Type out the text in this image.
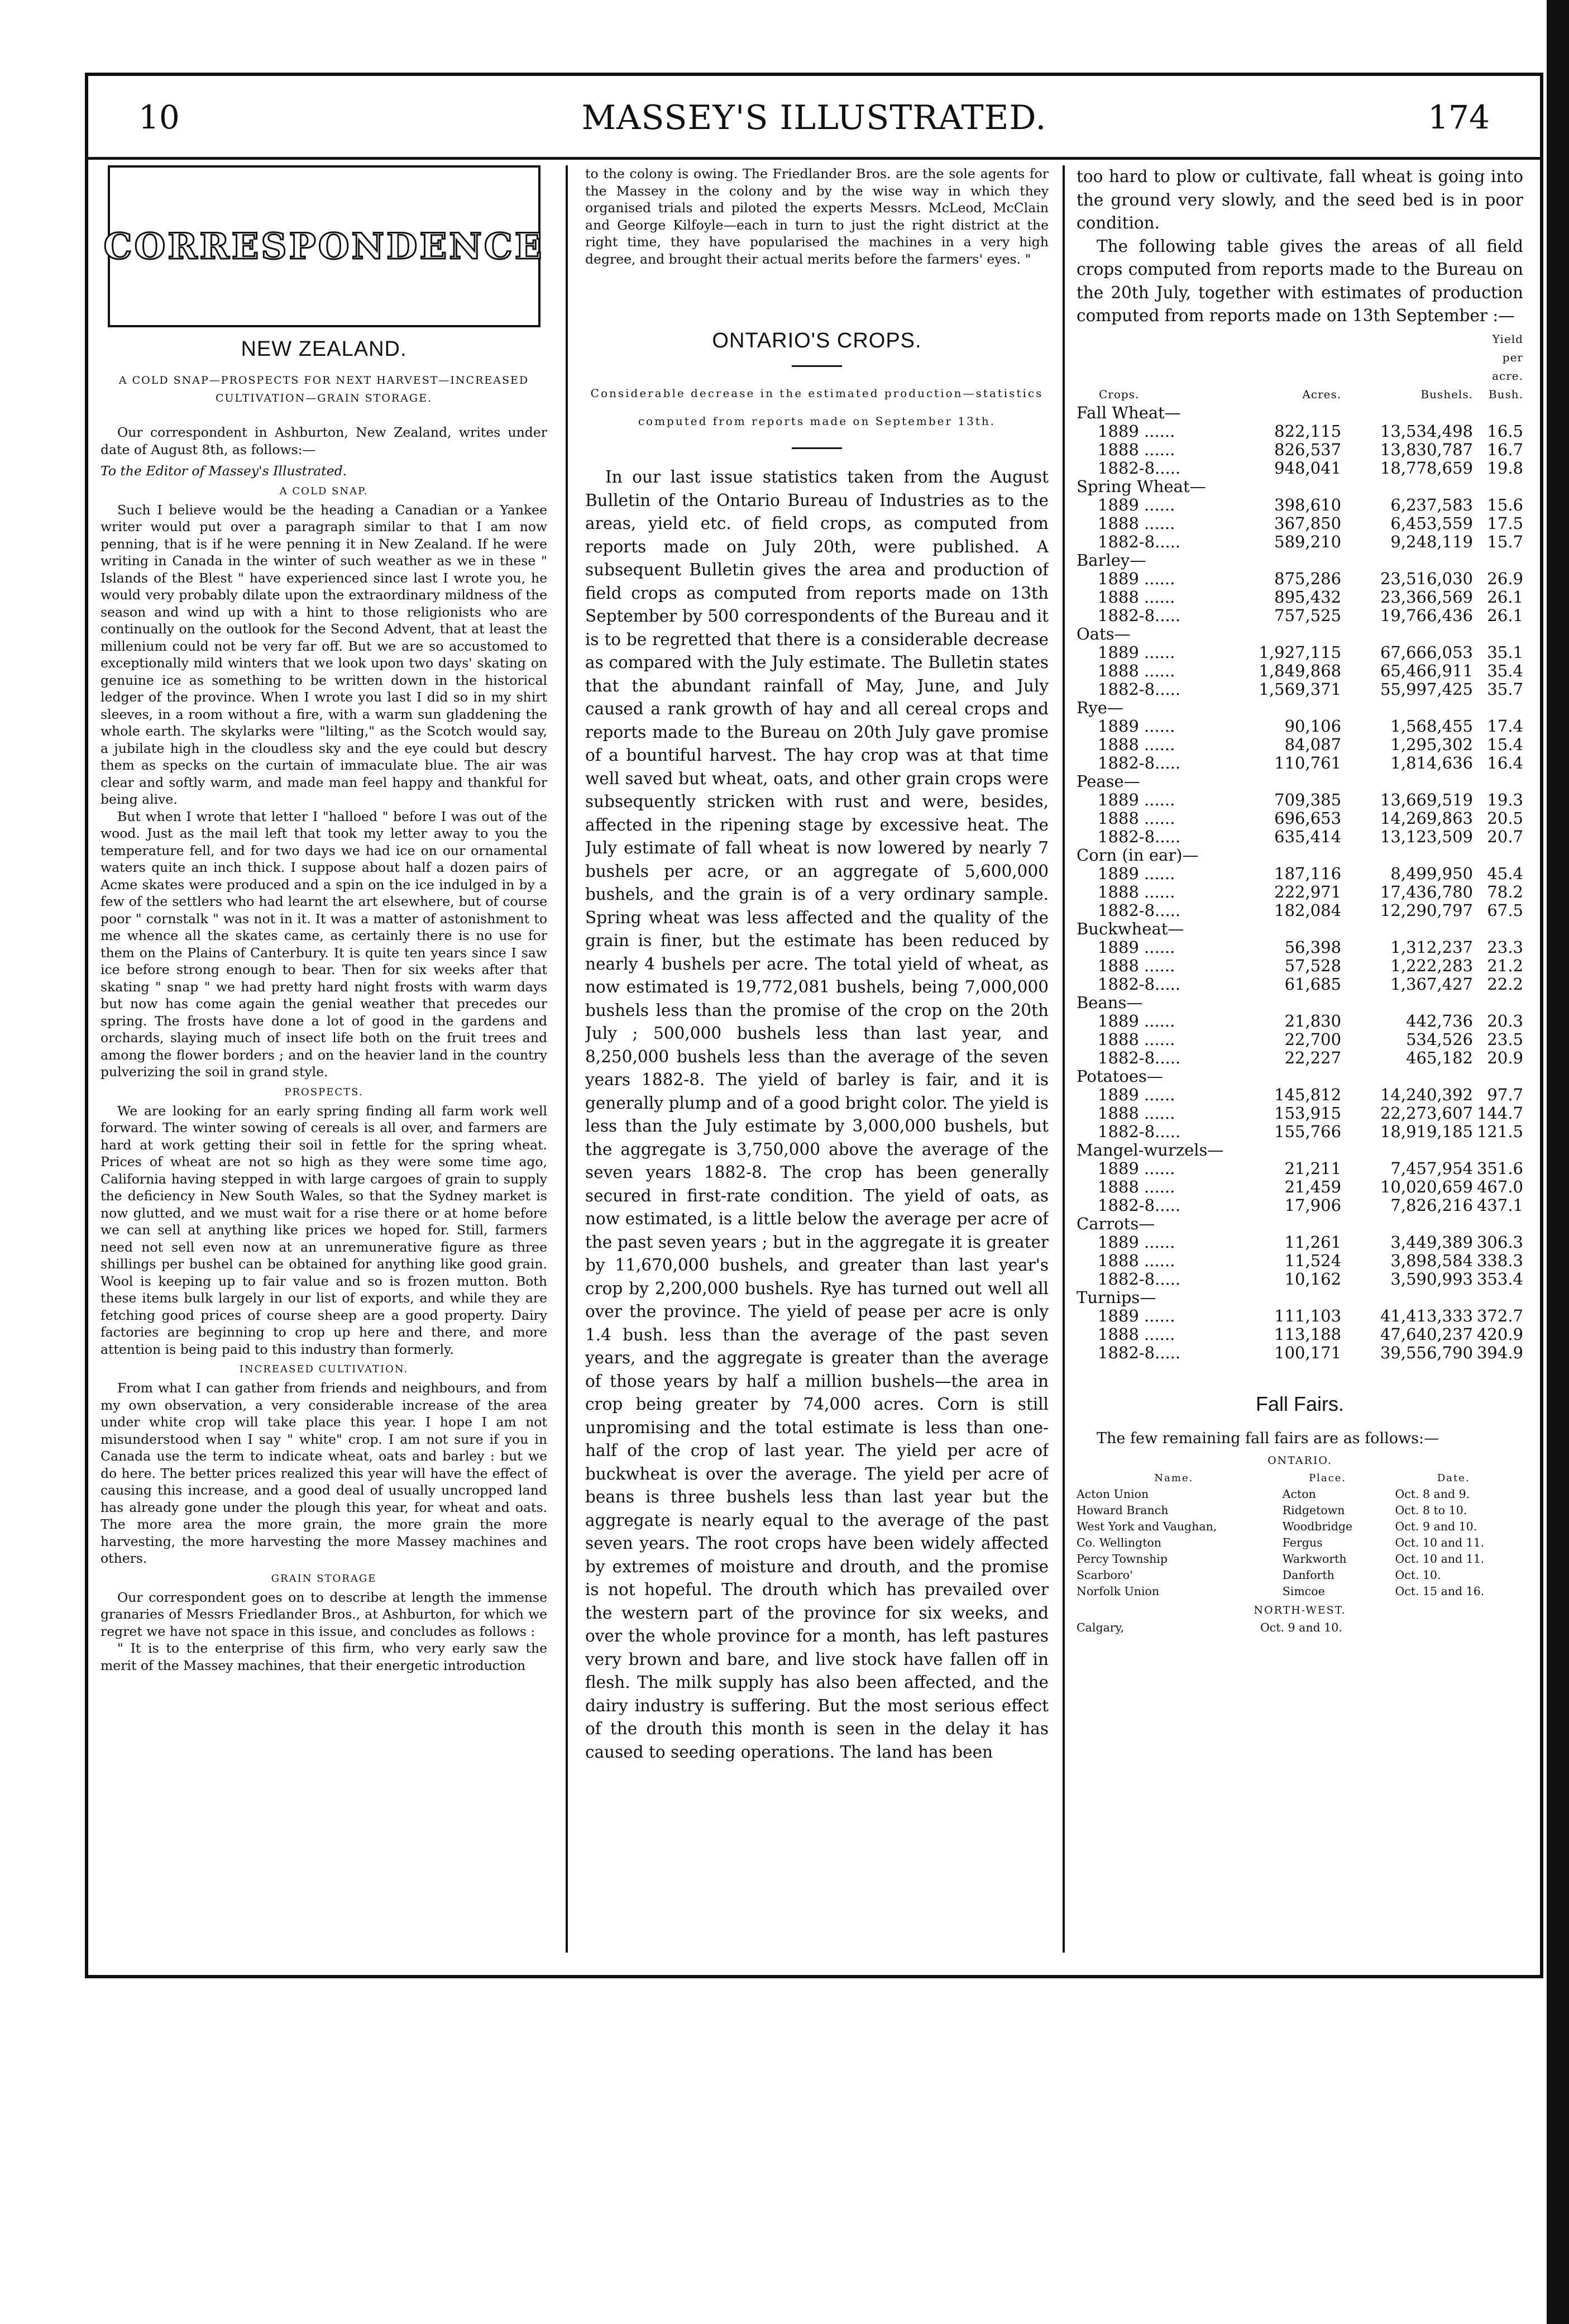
10	MASSEY'S ILLUSTRATED.	174
CORRESPONDENCE
NEW ZEALAND.
A COLD SNAP—PROSPECTS FOR NEXT HARVEST—INCREASED CULTIVATION—GRAIN STORAGE.

Our correspondent in Ashburton, New Zealand, writes under date of August 8th, as follows:—

To the Editor of Massey's Illustrated.

A COLD SNAP.

Such I believe would be the heading a Canadian or a Yankee writer would put over a paragraph similar to that I am now penning, that is if he were penning it in New Zealand. If he were writing in Canada in the winter of such weather as we in these " Islands of the Blest " have experienced since last I wrote you, he would very probably dilate upon the extraordinary mildness of the season and wind up with a hint to those religionists who are continually on the outlook for the Second Advent, that at least the millenium could not be very far off. But we are so accustomed to exceptionally mild winters that we look upon two days' skating on genuine ice as something to be written down in the historical ledger of the province. When I wrote you last I did so in my shirt sleeves, in a room without a fire, with a warm sun gladdening the whole earth. The skylarks were "lilting," as the Scotch would say, a jubilate high in the cloudless sky and the eye could but descry them as specks on the curtain of immaculate blue. The air was clear and softly warm, and made man feel happy and thankful for being alive.

But when I wrote that letter I "halloed " before I was out of the wood. Just as the mail left that took my letter away to you the temperature fell, and for two days we had ice on our ornamental waters quite an inch thick. I suppose about half a dozen pairs of Acme skates were produced and a spin on the ice indulged in by a few of the settlers who had learnt the art elsewhere, but of course poor " cornstalk " was not in it. It was a matter of astonishment to me whence all the skates came, as certainly there is no use for them on the Plains of Canterbury. It is quite ten years since I saw ice before strong enough to bear. Then for six weeks after that skating " snap " we had pretty hard night frosts with warm days but now has come again the genial weather that precedes our spring. The frosts have done a lot of good in the gardens and orchards, slaying much of insect life both on the fruit trees and among the flower borders ; and on the heavier land in the country pulverizing the soil in grand style.

PROSPECTS.

We are looking for an early spring finding all farm work well forward. The winter sowing of cereals is all over, and farmers are hard at work getting their soil in fettle for the spring wheat. Prices of wheat are not so high as they were some time ago, California having stepped in with large cargoes of grain to supply the deficiency in New South Wales, so that the Sydney market is now glutted, and we must wait for a rise there or at home before we can sell at anything like prices we hoped for. Still, farmers need not sell even now at an unremunerative figure as three shillings per bushel can be obtained for anything like good grain. Wool is keeping up to fair value and so is frozen mutton. Both these items bulk largely in our list of exports, and while they are fetching good prices of course sheep are a good property. Dairy factories are beginning to crop up here and there, and more attention is being paid to this industry than formerly.

INCREASED CULTIVATION.

From what I can gather from friends and neighbours, and from my own observation, a very considerable increase of the area under white crop will take place this year. I hope I am not misunderstood when I say " white" crop. I am not sure if you in Canada use the term to indicate wheat, oats and barley : but we do here. The better prices realized this year will have the effect of causing this increase, and a good deal of usually uncropped land has already gone under the plough this year, for wheat and oats. The more area the more grain, the more grain the more harvesting, the more harvesting the more Massey machines and others.

GRAIN STORAGE

Our correspondent goes on to describe at length the immense granaries of Messrs Friedlander Bros., at Ashburton, for which we regret we have not space in this issue, and concludes as follows :

" It is to the enterprise of this firm, who very early saw the merit of the Massey machines, that their energetic introduction

to the colony is owing. The Friedlander Bros. are the sole agents for the Massey in the colony and by the wise way in which they organised trials and piloted the experts Messrs. McLeod, McClain and George Kilfoyle—each in turn to just the right district at the right time, they have popularised the machines in a very high degree, and brought their actual merits before the farmers' eyes. "

ONTARIO'S CROPS.
Considerable decrease in the estimated production—statistics computed from reports made on September 13th.

In our last issue statistics taken from the August Bulletin of the Ontario Bureau of Industries as to the areas, yield etc. of field crops, as computed from reports made on July 20th, were published. A subsequent Bulletin gives the area and production of field crops as computed from reports made on 13th September by 500 correspondents of the Bureau and it is to be regretted that there is a considerable decrease as compared with the July estimate. The Bulletin states that the abundant rainfall of May, June, and July caused a rank growth of hay and all cereal crops and reports made to the Bureau on 20th July gave promise of a bountiful harvest. The hay crop was at that time well saved but wheat, oats, and other grain crops were subsequently stricken with rust and were, besides, affected in the ripening stage by excessive heat. The July estimate of fall wheat is now lowered by nearly 7 bushels per acre, or an aggregate of 5,600,000 bushels, and the grain is of a very ordinary sample. Spring wheat was less affected and the quality of the grain is finer, but the estimate has been reduced by nearly 4 bushels per acre. The total yield of wheat, as now estimated is 19,772,081 bushels, being 7,000,000 bushels less than the promise of the crop on the 20th July ; 500,000 bushels less than last year, and 8,250,000 bushels less than the average of the seven years 1882-8. The yield of barley is fair, and it is generally plump and of a good bright color. The yield is less than the July estimate by 3,000,000 bushels, but the aggregate is 3,750,000 above the average of the seven years 1882-8. The crop has been generally secured in first-rate condition. The yield of oats, as now estimated, is a little below the average per acre of the past seven years ; but in the aggregate it is greater by 11,670,000 bushels, and greater than last year's crop by 2,200,000 bushels. Rye has turned out well all over the province. The yield of pease per acre is only 1.4 bush. less than the average of the past seven years, and the aggregate is greater than the average of those years by half a million bushels—the area in crop being greater by 74,000 acres. Corn is still unpromising and the total estimate is less than one-half of the crop of last year. The yield per acre of buckwheat is over the average. The yield per acre of beans is three bushels less than last year but the aggregate is nearly equal to the average of the past seven years. The root crops have been widely affected by extremes of moisture and drouth, and the promise is not hopeful. The drouth which has prevailed over the western part of the province for six weeks, and over the whole province for a month, has left pastures very brown and bare, and live stock have fallen off in flesh. The milk supply has also been affected, and the dairy industry is suffering. But the most serious effect of the drouth this month is seen in the delay it has caused to seeding operations. The land has been

too hard to plow or cultivate, fall wheat is going into the ground very slowly, and the seed bed is in poor condition.

The following table gives the areas of all field crops computed from reports made to the Bureau on the 20th July, together with estimates of production computed from reports made on 13th September :—

Crops.	Acres.	Bushels.	Yield per acre. Bush.
Fall Wheat—			
1889 ......	822,115	13,534,498	16.5
1888 ......	826,537	13,830,787	16.7
1882-8.....	948,041	18,778,659	19.8
Spring Wheat—			
1889 ......	398,610	6,237,583	15.6
1888 ......	367,850	6,453,559	17.5
1882-8.....	589,210	9,248,119	15.7
Barley—			
1889 ......	875,286	23,516,030	26.9
1888 ......	895,432	23,366,569	26.1
1882-8.....	757,525	19,766,436	26.1
Oats—			
1889 ......	1,927,115	67,666,053	35.1
1888 ......	1,849,868	65,466,911	35.4
1882-8.....	1,569,371	55,997,425	35.7
Rye—			
1889 ......	90,106	1,568,455	17.4
1888 ......	84,087	1,295,302	15.4
1882-8.....	110,761	1,814,636	16.4
Pease—			
1889 ......	709,385	13,669,519	19.3
1888 ......	696,653	14,269,863	20.5
1882-8.....	635,414	13,123,509	20.7
Corn (in ear)—			
1889 ......	187,116	8,499,950	45.4
1888 ......	222,971	17,436,780	78.2
1882-8.....	182,084	12,290,797	67.5
Buckwheat—			
1889 ......	56,398	1,312,237	23.3
1888 ......	57,528	1,222,283	21.2
1882-8.....	61,685	1,367,427	22.2
Beans—			
1889 ......	21,830	442,736	20.3
1888 ......	22,700	534,526	23.5
1882-8.....	22,227	465,182	20.9
Potatoes—			
1889 ......	145,812	14,240,392	97.7
1888 ......	153,915	22,273,607	144.7
1882-8.....	155,766	18,919,185	121.5
Mangel-wurzels—			
1889 ......	21,211	7,457,954	351.6
1888 ......	21,459	10,020,659	467.0
1882-8.....	17,906	7,826,216	437.1
Carrots—			
1889 ......	11,261	3,449,389	306.3
1888 ......	11,524	3,898,584	338.3
1882-8.....	10,162	3,590,993	353.4
Turnips—			
1889 ......	111,103	41,413,333	372.7
1888 ......	113,188	47,640,237	420.9
1882-8.....	100,171	39,556,790	394.9
Fall Fairs.

The few remaining fall fairs are as follows:—

ONTARIO.
Name.	Place.	Date.
Acton Union	Acton	Oct. 8 and 9.
Howard Branch	Ridgetown	Oct. 8 to 10.
West York and Vaughan,	Woodbridge	Oct. 9 and 10.
Co. Wellington	Fergus	Oct. 10 and 11.
Percy Township	Warkworth	Oct. 10 and 11.
Scarboro'	Danforth	Oct. 10.
Norfolk Union	Simcoe	Oct. 15 and 16.
NORTH-WEST.
Calgary,		Oct. 9 and 10.
